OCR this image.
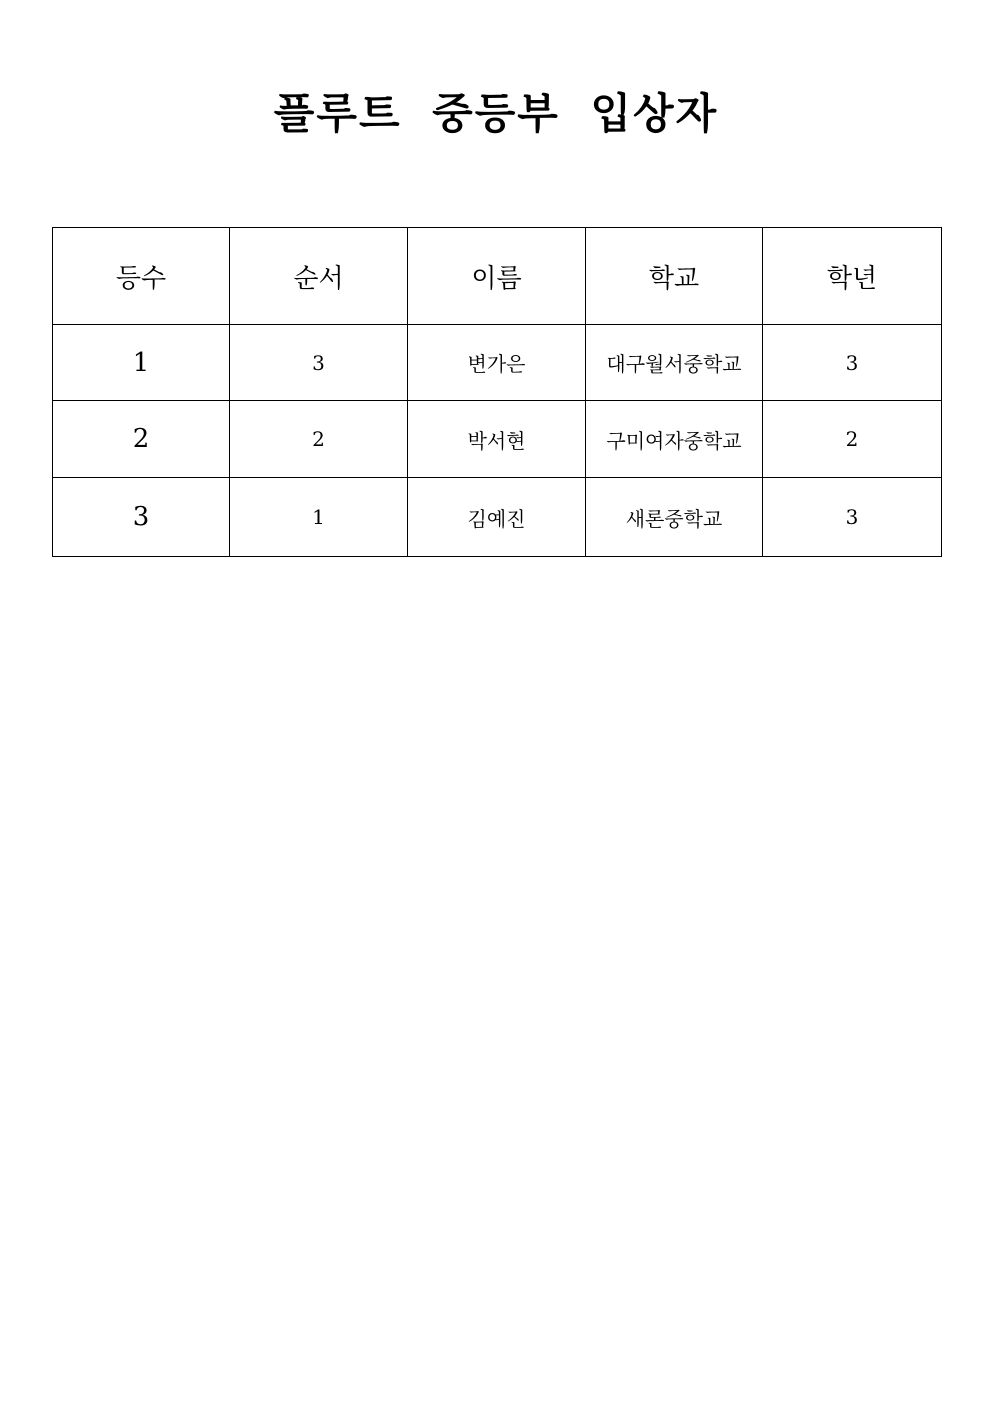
플루트 중등부 입상자
등수	순서	이름	학교	학년
1	3	변가은	대구월서중학교	3
2	2	박서현	구미여자중학교	2
3	1	김예진	새론중학교	3
